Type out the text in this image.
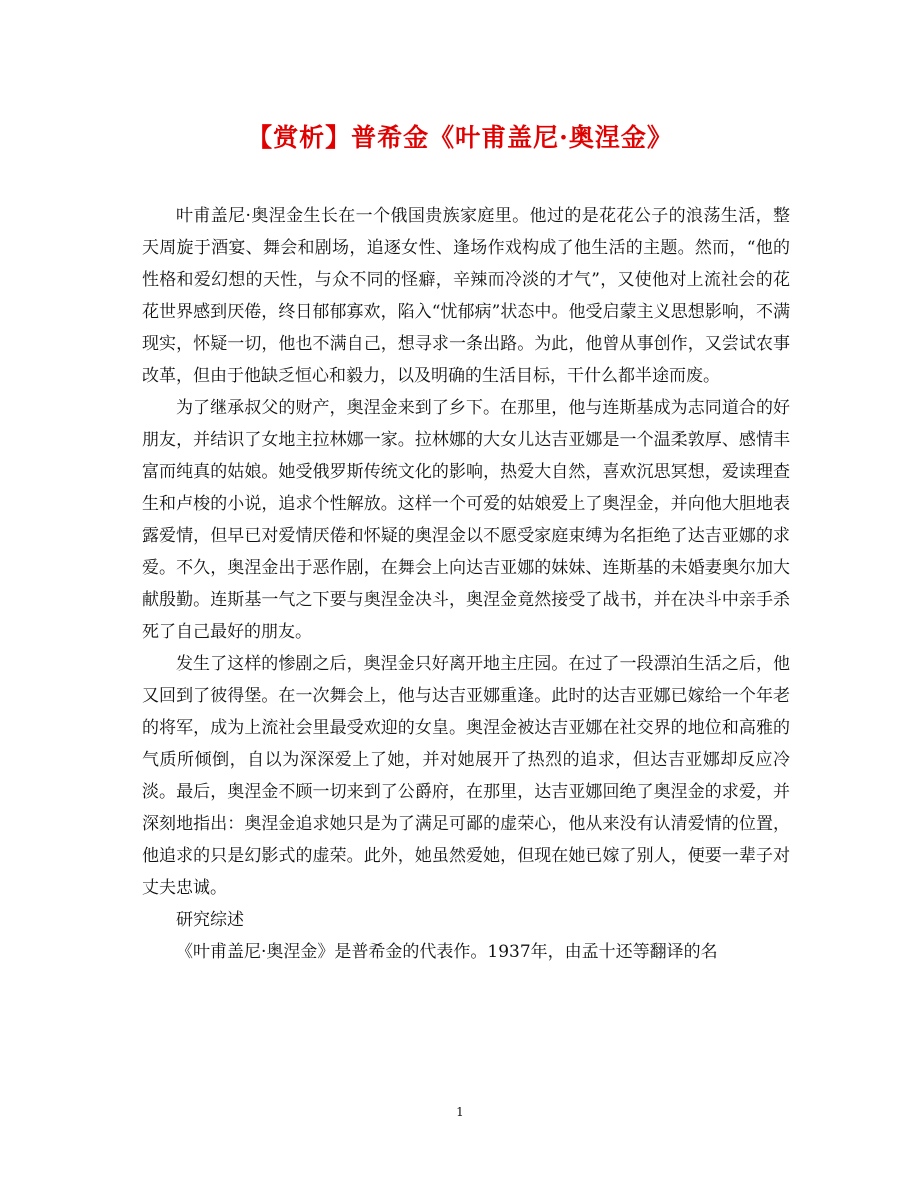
【赏析】普希金《叶甫盖尼·奥涅金》

叶甫盖尼·奥涅金生长在一个俄国贵族家庭里。他过的是花花公子的浪荡生活，整天周旋于酒宴、舞会和剧场，追逐女性、逢场作戏构成了他生活的主题。然而，“他的性格和爱幻想的天性，与众不同的怪癖，辛辣而冷淡的才气”，又使他对上流社会的花花世界感到厌倦，终日郁郁寡欢，陷入“忧郁病”状态中。他受启蒙主义思想影响，不满现实，怀疑一切，他也不满自己，想寻求一条出路。为此，他曾从事创作，又尝试农事改革，但由于他缺乏恒心和毅力，以及明确的生活目标，干什么都半途而废。

为了继承叔父的财产，奥涅金来到了乡下。在那里，他与连斯基成为志同道合的好朋友，并结识了女地主拉林娜一家。拉林娜的大女儿达吉亚娜是一个温柔敦厚、感情丰富而纯真的姑娘。她受俄罗斯传统文化的影响，热爱大自然，喜欢沉思冥想，爱读理查生和卢梭的小说，追求个性解放。这样一个可爱的姑娘爱上了奥涅金，并向他大胆地表露爱情，但早已对爱情厌倦和怀疑的奥涅金以不愿受家庭束缚为名拒绝了达吉亚娜的求爱。不久，奥涅金出于恶作剧，在舞会上向达吉亚娜的妹妹、连斯基的未婚妻奥尔加大献殷勤。连斯基一气之下要与奥涅金决斗，奥涅金竟然接受了战书，并在决斗中亲手杀死了自己最好的朋友。

发生了这样的惨剧之后，奥涅金只好离开地主庄园。在过了一段漂泊生活之后，他又回到了彼得堡。在一次舞会上，他与达吉亚娜重逢。此时的达吉亚娜已嫁给一个年老的将军，成为上流社会里最受欢迎的女皇。奥涅金被达吉亚娜在社交界的地位和高雅的气质所倾倒，自以为深深爱上了她，并对她展开了热烈的追求，但达吉亚娜却反应冷淡。最后，奥涅金不顾一切来到了公爵府，在那里，达吉亚娜回绝了奥涅金的求爱，并深刻地指出：奥涅金追求她只是为了满足可鄙的虚荣心，他从来没有认清爱情的位置，他追求的只是幻影式的虚荣。此外，她虽然爱她，但现在她已嫁了别人，便要一辈子对丈夫忠诚。

研究综述

《叶甫盖尼·奥涅金》是普希金的代表作。1937年，由孟十还等翻译的名

1
